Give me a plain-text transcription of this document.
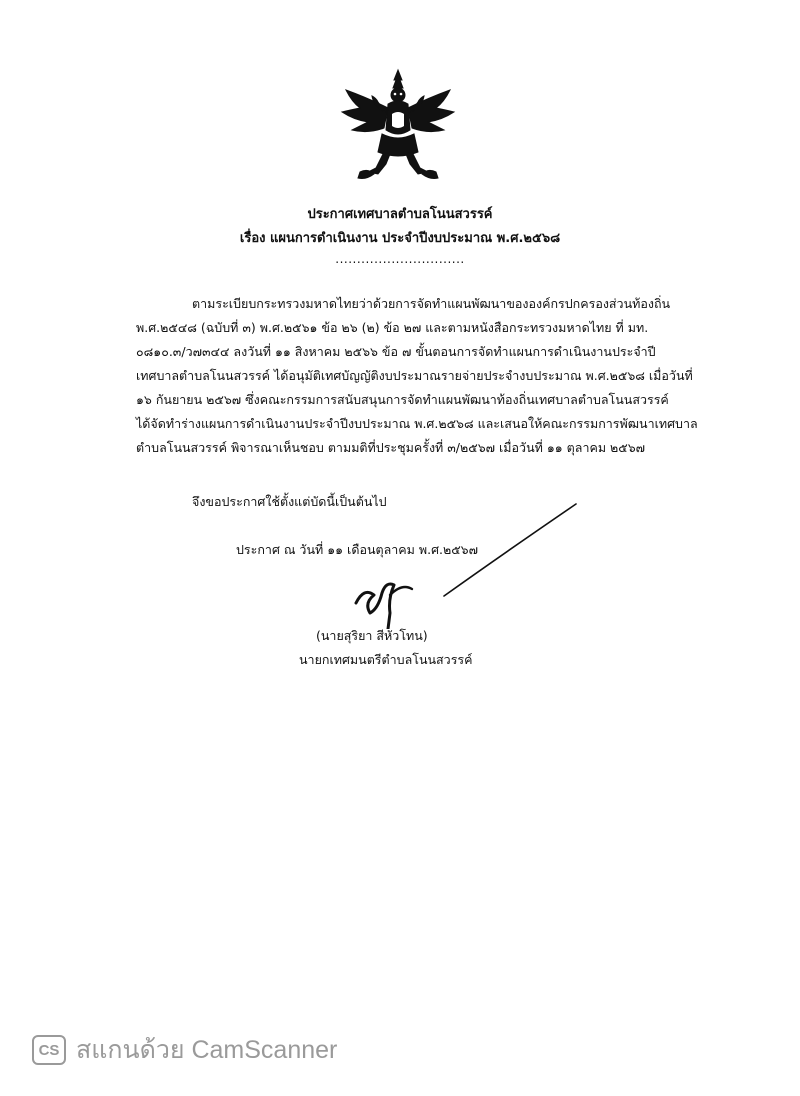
ประกาศเทศบาลตำบลโนนสวรรค์
เรื่อง แผนการดำเนินงาน ประจำปีงบประมาณ พ.ศ.๒๕๖๘
..............................
ตามระเบียบกระทรวงมหาดไทยว่าด้วยการจัดทำแผนพัฒนาขององค์กรปกครองส่วนท้องถิ่น
พ.ศ.๒๕๔๘ (ฉบับที่ ๓) พ.ศ.๒๕๖๑ ข้อ ๒๖ (๒) ข้อ ๒๗ และตามหนังสือกระทรวงมหาดไทย ที่ มท.
๐๘๑๐.๓/ว๗๓๔๔ ลงวันที่ ๑๑ สิงหาคม ๒๕๖๖ ข้อ ๗ ขั้นตอนการจัดทำแผนการดำเนินงานประจำปี
เทศบาลตำบลโนนสวรรค์ ได้อนุมัติเทศบัญญัติงบประมาณรายจ่ายประจำงบประมาณ พ.ศ.๒๕๖๘ เมื่อวันที่
๑๖ กันยายน ๒๕๖๗ ซึ่งคณะกรรมการสนับสนุนการจัดทำแผนพัฒนาท้องถิ่นเทศบาลตำบลโนนสวรรค์
ได้จัดทำร่างแผนการดำเนินงานประจำปีงบประมาณ พ.ศ.๒๕๖๘ และเสนอให้คณะกรรมการพัฒนาเทศบาล
ตำบลโนนสวรรค์ พิจารณาเห็นชอบ ตามมติที่ประชุมครั้งที่ ๓/๒๕๖๗ เมื่อวันที่ ๑๑ ตุลาคม ๒๕๖๗
จึงขอประกาศใช้ตั้งแต่บัดนี้เป็นต้นไป
ประกาศ ณ วันที่ ๑๑ เดือนตุลาคม พ.ศ.๒๕๖๗
(นายสุริยา สีหัวโทน)
นายกเทศมนตรีตำบลโนนสวรรค์
CS สแกนด้วย CamScanner
